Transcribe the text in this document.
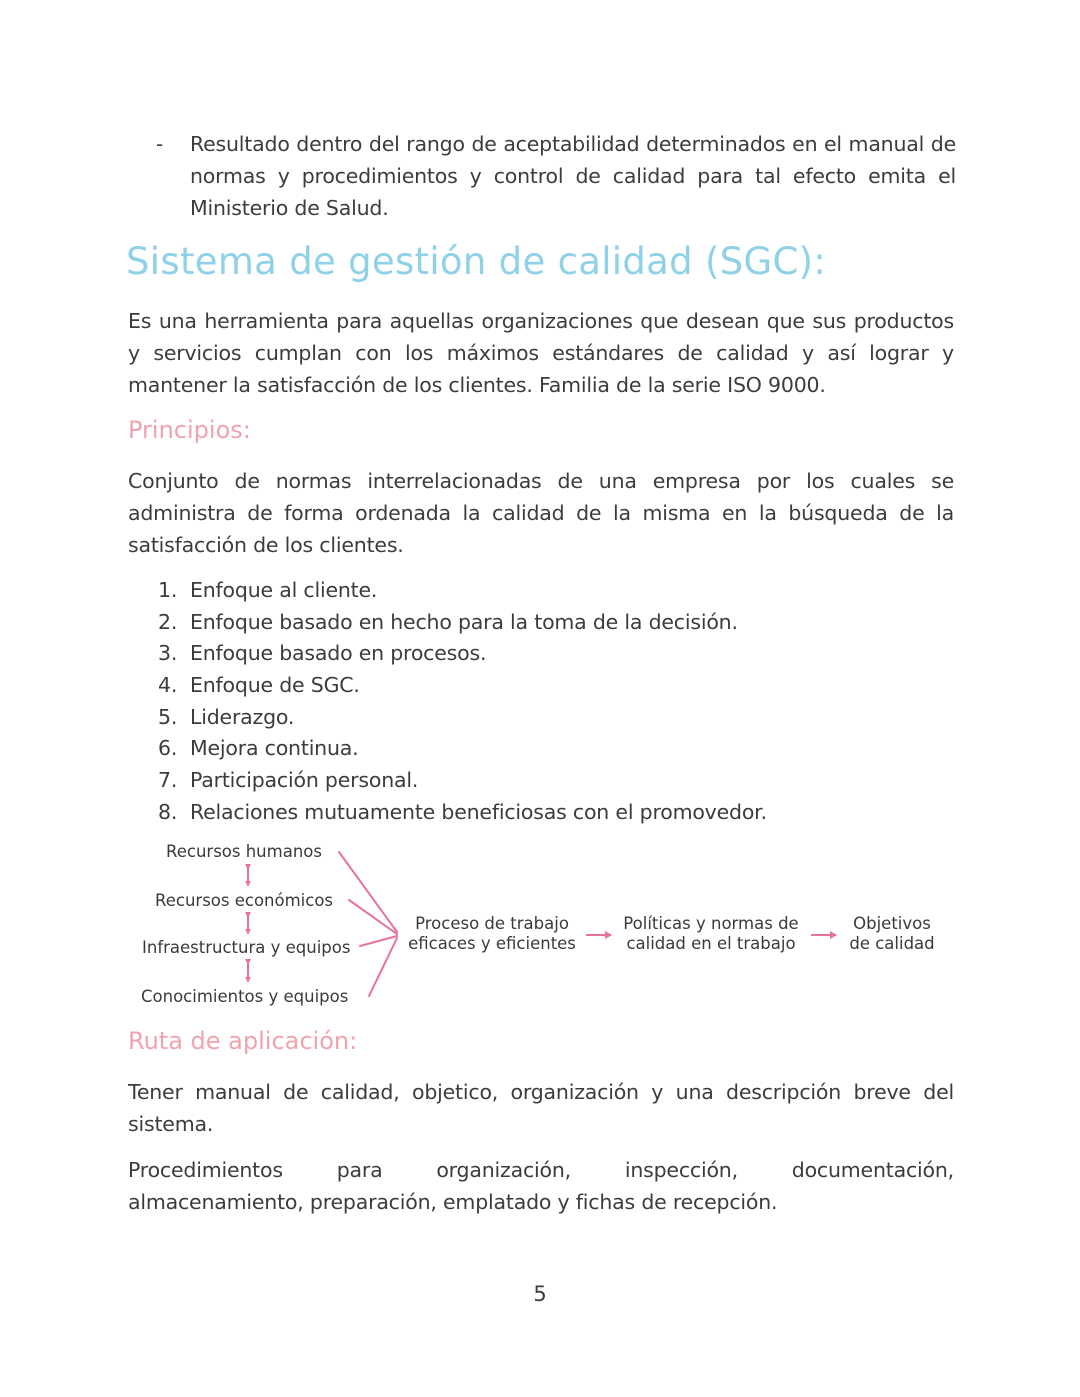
- Resultado dentro del rango de aceptabilidad determinados en el manual de normas y procedimientos y control de calidad para tal efecto emita el Ministerio de Salud.
Sistema de gestión de calidad (SGC):
Es una herramienta para aquellas organizaciones que desean que sus productos y servicios cumplan con los máximos estándares de calidad y así lograr y mantener la satisfacción de los clientes. Familia de la serie ISO 9000.
Principios:
Conjunto de normas interrelacionadas de una empresa por los cuales se administra de forma ordenada la calidad de la misma en la búsqueda de la satisfacción de los clientes.
1. Enfoque al cliente.
2. Enfoque basado en hecho para la toma de la decisión.
3. Enfoque basado en procesos.
4. Enfoque de SGC.
5. Liderazgo.
6. Mejora continua.
7. Participación personal.
8. Relaciones mutuamente beneficiosas con el promovedor.
Recursos humanos
Recursos económicos
Infraestructura y equipos
Conocimientos y equipos
Proceso de trabajo
eficaces y eficientes
Políticas y normas de
calidad en el trabajo
Objetivos
de calidad
Ruta de aplicación:
Tener manual de calidad, objetico, organización y una descripción breve del sistema.
Procedimientos para organización, inspección, documentación,
almacenamiento, preparación, emplatado y fichas de recepción.
5
